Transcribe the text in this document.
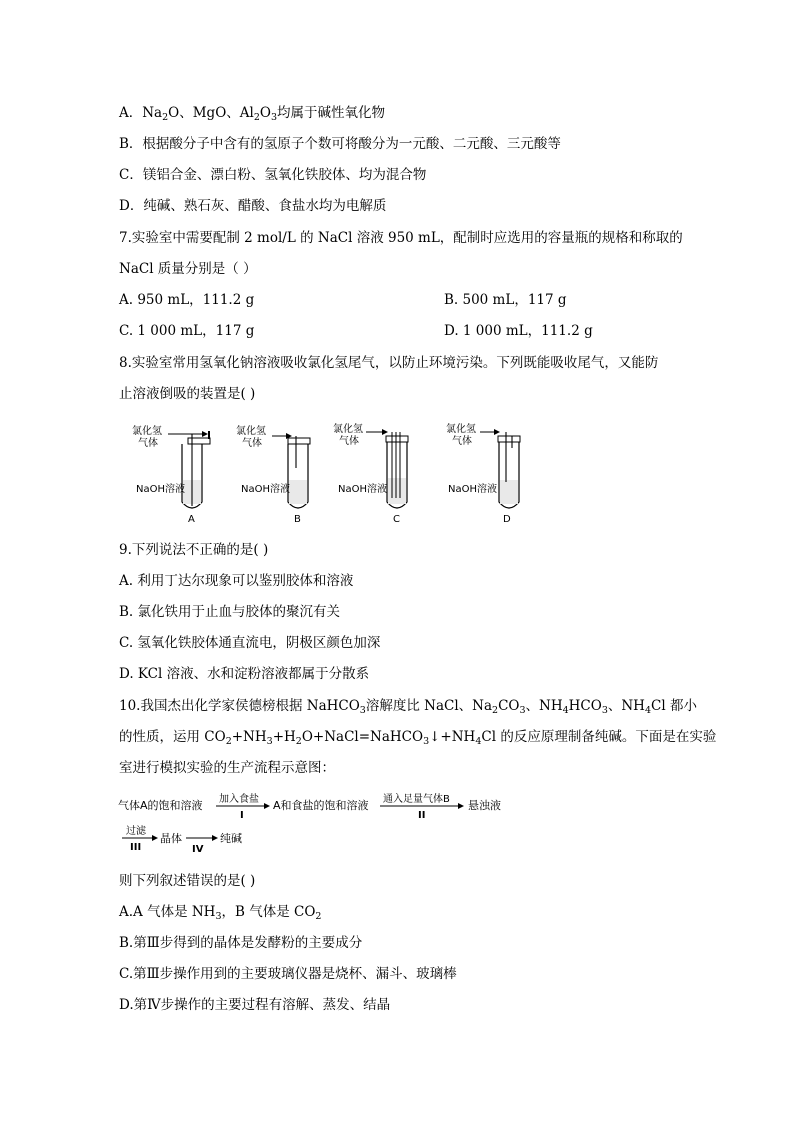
A．$Na_2O$、MgO、$Al_2O_3$均属于碱性氧化物
B．根据酸分子中含有的氢原子个数可将酸分为一元酸、二元酸、三元酸等
C．镁铝合金、漂白粉、氢氧化铁胶体、均为混合物
D．纯碱、熟石灰、醋酸、食盐水均为电解质
7.实验室中需要配制 2 mol/L 的 NaCl 溶液 950 mL，配制时应选用的容量瓶的规格和称取的
NaCl 质量分别是（ ）
A. 950 mL，111.2 g	B. 500 mL，117 g
C. 1 000 mL，117 g	D. 1 000 mL，111.2 g
8.实验室常用氢氧化钠溶液吸收氯化氢尾气，以防止环境污染。下列既能吸收尾气，又能防
止溶液倒吸的装置是( )
氯化氢
气体
NaOH溶液
A
氯化氢
气体
NaOH溶液
B
氯化氢
气体
NaOH溶液
C
氯化氢
气体
NaOH溶液
D
9.下列说法不正确的是( )
A. 利用丁达尔现象可以鉴别胶体和溶液
B. 氯化铁用于止血与胶体的聚沉有关
C. 氢氧化铁胶体通直流电，阴极区颜色加深
D. KCl 溶液、水和淀粉溶液都属于分散系
10.我国杰出化学家侯德榜根据 NaHCO$_3$溶解度比 NaCl、$Na_2CO_3$、$NH_4HCO_3$、$NH_4Cl$ 都小
的性质，运用 $CO_2+NH_3+H_2O+NaCl=NaHCO_3↓+NH_4Cl$ 的反应原理制备纯碱。下面是在实验
室进行模拟实验的生产流程示意图：
气体A的饱和溶液 加入食盐
I
A和食盐的饱和溶液 通入足量气体B
II
悬浊液
过滤
III
晶体
IV
纯碱
则下列叙述错误的是( )
A.A 气体是 $NH_3$，B 气体是 $CO_2$
B.第Ⅲ步得到的晶体是发酵粉的主要成分
C.第Ⅲ步操作用到的主要玻璃仪器是烧杯、漏斗、玻璃棒
D.第Ⅳ步操作的主要过程有溶解、蒸发、结晶
